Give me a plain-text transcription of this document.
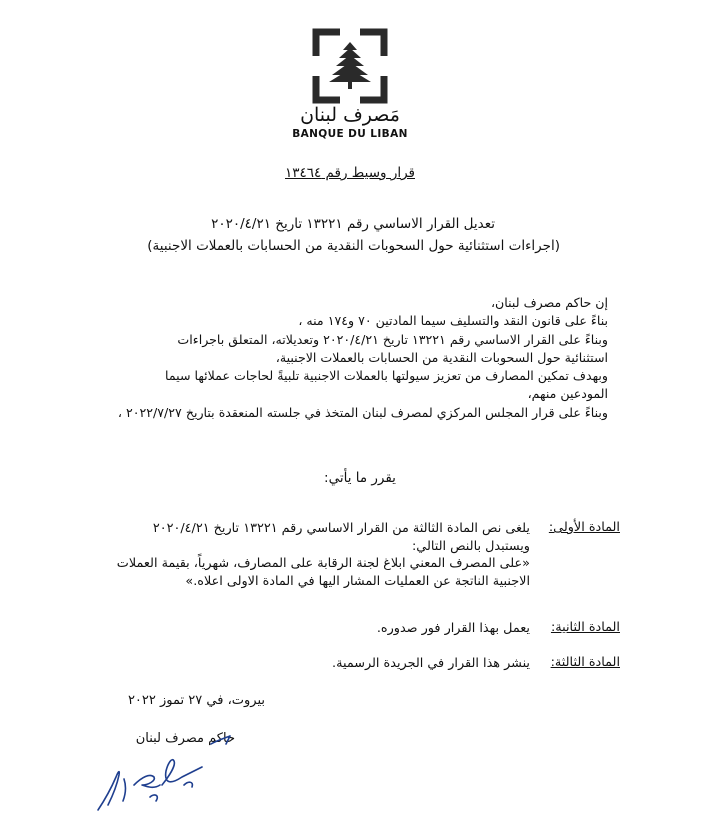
مَصرف لبنان
BANQUE DU LIBAN
قرار وسيط رقم ١٣٤٦٤
تعديل القرار الاساسي رقم ١٣٢٢١ تاريخ ٢٠٢٠/٤/٢١
(اجراءات استثنائية حول السحوبات النقدية من الحسابات بالعملات الاجنبية)

إن حاكم مصرف لبنان،

بناءً على قانون النقد والتسليف سيما المادتين ٧٠ و١٧٤ منه ،

وبناءً على القرار الاساسي رقم ١٣٢٢١ تاريخ ٢٠٢٠/٤/٢١ وتعديلاته، المتعلق باجراءات

استثنائية حول السحوبات النقدية من الحسابات بالعملات الاجنبية،

وبهدف تمكين المصارف من تعزيز سيولتها بالعملات الاجنبية تلبيةً لحاجات عملائها سيما

المودعين منهم،

وبناءً على قرار المجلس المركزي لمصرف لبنان المتخذ في جلسته المنعقدة بتاريخ ٢٠٢٢/٧/٢٧ ،

يقرر ما يأتي:
المادة الأولى:

يلغى نص المادة الثالثة من القرار الاساسي رقم ١٣٢٢١ تاريخ ٢٠٢٠/٤/٢١

ويستبدل بالنص التالي:

«على المصرف المعني ابلاغ لجنة الرقابة على المصارف، شهرياً، بقيمة العملات

الاجنبية الناتجة عن العمليات المشار اليها في المادة الاولى اعلاه.»

المادة الثانية:

يعمل بهذا القرار فور صدوره.

المادة الثالثة:

ينشر هذا القرار في الجريدة الرسمية.

بيروت، في ٢٧ تموز ٢٠٢٢
حاكم مصرف لبنان
